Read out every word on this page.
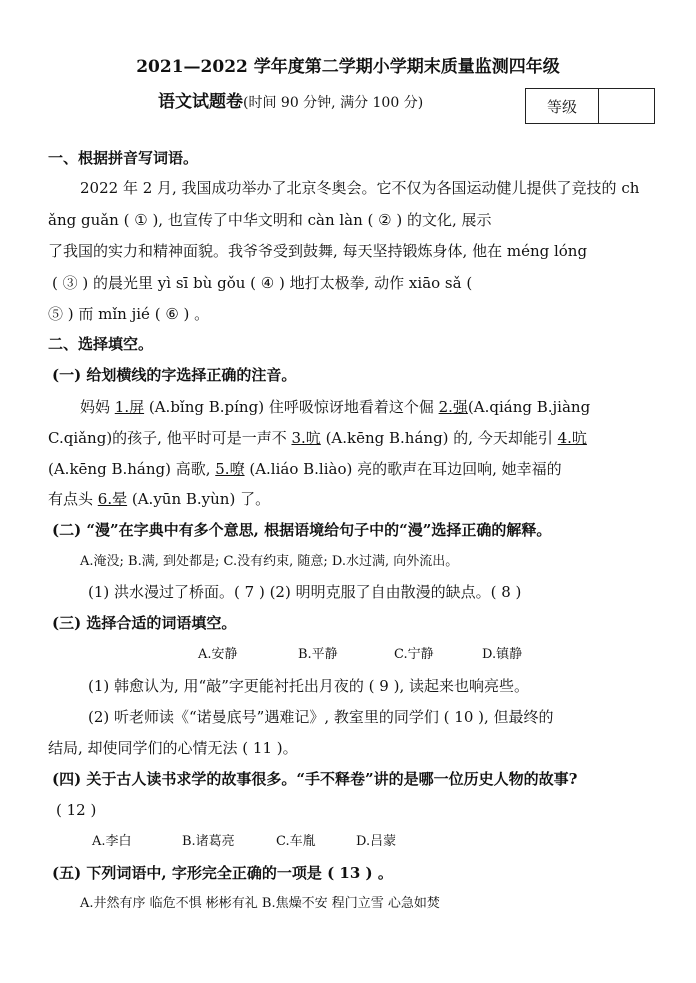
2021—2022 学年度第二学期小学期末质量监测四年级
语文试题卷(时间 90 分钟, 满分 100 分)	等级
一、根据拼音写词语。
2022 年 2 月, 我国成功举办了北京冬奥会。它不仅为各国运动健儿提供了竞技的 ch
ǎng guǎn ( ① ), 也宣传了中华文明和 càn làn ( ② ) 的文化, 展示
了我国的实力和精神面貌。我爷爷受到鼓舞, 每天坚持锻炼身体, 他在 méng lóng
( ③ ) 的晨光里 yì sī bù gǒu ( ④ ) 地打太极拳, 动作 xiāo sǎ (
⑤ ) 而 mǐn jié ( ⑥ ) 。
二、选择填空。
(一) 给划横线的字选择正确的注音。
妈妈 1.屏 (A.bǐng B.píng) 住呼吸惊讶地看着这个倔 2.强(A.qiáng B.jiàng
C.qiǎng)的孩子, 他平时可是一声不 3.吭 (A.kēng B.háng) 的, 今天却能引 4.吭
(A.kēng B.háng) 高歌, 5.嘹 (A.liáo B.liào) 亮的歌声在耳边回响, 她幸福的
有点头 6.晕 (A.yūn B.yùn) 了。
(二) “漫”在字典中有多个意思, 根据语境给句子中的“漫”选择正确的解释。
A.淹没; B.满, 到处都是; C.没有约束, 随意; D.水过满, 向外流出。
(1) 洪水漫过了桥面。( 7 ) (2) 明明克服了自由散漫的缺点。( 8 )
(三) 选择合适的词语填空。
A.安静	B.平静	C.宁静	D.镇静
(1) 韩愈认为, 用“敲”字更能衬托出月夜的 ( 9 ), 读起来也响亮些。
(2) 听老师读《“诺曼底号”遇难记》, 教室里的同学们 ( 10 ), 但最终的
结局, 却使同学们的心情无法 ( 11 )。
(四) 关于古人读书求学的故事很多。“手不释卷”讲的是哪一位历史人物的故事?
( 12 )
A.李白	B.诸葛亮	C.车胤	D.吕蒙
(五) 下列词语中, 字形完全正确的一项是 ( 13 ) 。
A.井然有序 临危不惧 彬彬有礼 B.焦燥不安 程门立雪 心急如焚
